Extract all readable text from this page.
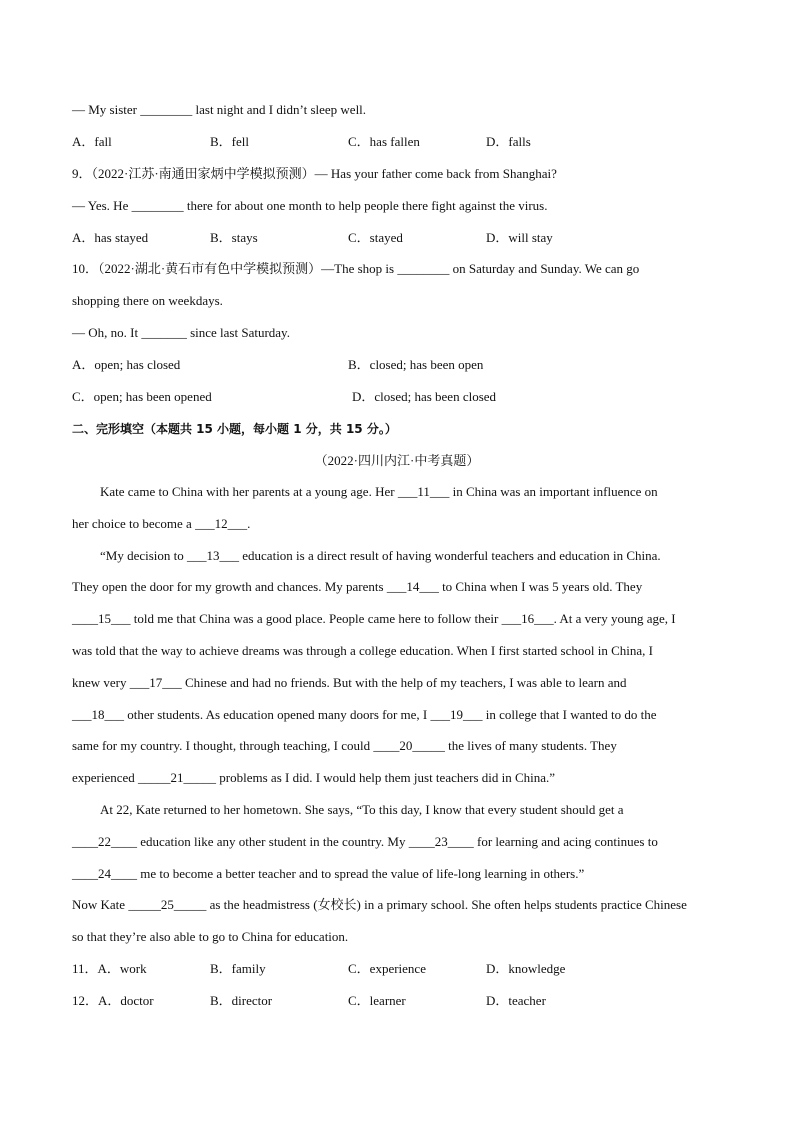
— My sister ________ last night and I didn’t sleep well.
A．fall	B．fell	C．has fallen	D．falls
9．（2022·江苏·南通田家炳中学模拟预测）— Has your father come back from Shanghai?
— Yes. He ________ there for about one month to help people there fight against the virus.
A．has stayed	B．stays	C．stayed	D．will stay
10．（2022·湖北·黄石市有色中学模拟预测）—The shop is ________ on Saturday and Sunday. We can go
shopping there on weekdays.
— Oh, no. It _______ since last Saturday.
A．open; has closed	B．closed; has been open
C．open; has been opened	D．closed; has been closed
二、完形填空（本题共 15 小题，每小题 1 分，共 15 分。）
（2022·四川内江·中考真题）
Kate came to China with her parents at a young age. Her ___11___ in China was an important influence on
her choice to become a ___12___.
“My decision to ___13___ education is a direct result of having wonderful teachers and education in China.
They open the door for my growth and chances. My parents ___14___ to China when I was 5 years old. They
____15___ told me that China was a good place. People came here to follow their ___16___. At a very young age, I
was told that the way to achieve dreams was through a college education. When I first started school in China, I
knew very ___17___ Chinese and had no friends. But with the help of my teachers, I was able to learn and
___18___ other students. As education opened many doors for me, I ___19___ in college that I wanted to do the
same for my country. I thought, through teaching, I could ____20_____ the lives of many students. They
experienced _____21_____ problems as I did. I would help them just teachers did in China.”
At 22, Kate returned to her hometown. She says, “To this day, I know that every student should get a
____22____ education like any other student in the country. My ____23____ for learning and acing continues to
____24____ me to become a better teacher and to spread the value of life-long learning in others.”
Now Kate _____25_____ as the headmistress (女校长) in a primary school. She often helps students practice Chinese
so that they’re also able to go to China for education.
11．A．work	B．family	C．experience	D．knowledge
12．A．doctor	B．director	C．learner	D．teacher
